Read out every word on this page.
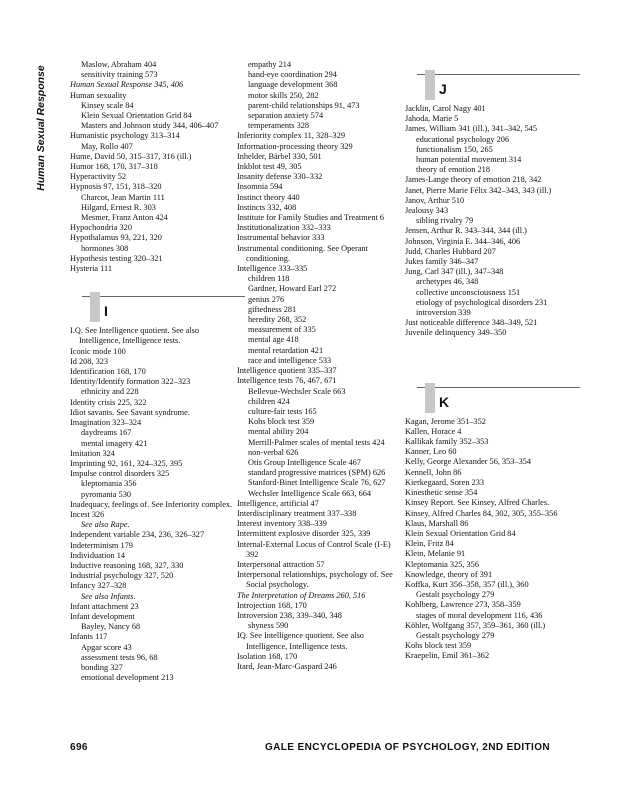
Human Sexual Response

Maslow, Abraham 404

sensitivity training 573

Human Sexual Response 345, 406

Human sexuality

Kinsey scale 84

Klein Sexual Orientation Grid 84

Masters and Johnson study 344, 406–407

Humanistic psychology 313–314

May, Rollo 407

Hume, David 50, 315–317, 316 (ill.)

Humor 168, 170, 317–318

Hyperactivity 52

Hypnosis 97, 151, 318–320

Charcot, Jean Martin 111

Hilgard, Ernest R. 303

Mesmer, Franz Anton 424

Hypochondria 320

Hypothalamus 93, 221, 320

hormones 308

Hypothesis testing 320–321

Hysteria 111

I

I.Q. See Intelligence quotient. See also Intelligence, Intelligence tests.

Iconic mode 100

Id 208, 323

Identification 168, 170

Identity/Identify formation 322–323

ethnicity and 228

Identity crisis 225, 322

Idiot savants. See Savant syndrome.

Imagination 323–324

daydreams 167

mental imagery 421

Imitation 324

Imprinting 92, 161, 324–325, 395

Impulse control disorders 325

kleptomania 356

pyromania 530

Inadequacy, feelings of. See Inferiority complex.

Incest 326

See also Rape.

Independent variable 234, 236, 326–327

Indeterminism 179

Individuation 14

Inductive reasoning 168, 327, 330

Industrial psychology 327, 520

Infancy 327–328

See also Infants.

Infant attachment 23

Infant development

Bayley, Nancy 68

Infants 117

Apgar score 43

assessment tests 96, 68

bonding 327

emotional development 213

empathy 214

hand-eye coordination 294

language development 368

motor skills 250, 282

parent-child relationships 91, 473

separation anxiety 574

temperaments 328

Inferiority complex 11, 328–329

Information-processing theory 329

Inhelder, Bärbel 330, 501

Inkblot test 49, 305

Insanity defense 330–332

Insomnia 594

Instinct theory 440

Instincts 332, 408

Institute for Family Studies and Treatment 6

Institutionalization 332–333

Instrumental behavior 333

Instrumental conditioning. See Operant conditioning.

Intelligence 333–335

children 118

Gardner, Howard Earl 272

genius 276

giftedness 281

heredity 268, 352

measurement of 335

mental age 418

mental retardation 421

race and intelligence 533

Intelligence quotient 335–337

Intelligence tests 76, 467, 671

Bellevue-Wechsler Scale 663

children 424

culture-fair tests 165

Kohs block test 359

mental ability 204

Merrill-Palmer scales of mental tests 424

non-verbal 626

Otis Group Intelligence Scale 467

standard progressive matrices (SPM) 626

Stanford-Binet Intelligence Scale 76, 627

Wechsler Intelligence Scale 663, 664

Intelligence, artificial 47

Interdisciplinary treatment 337–338

Interest inventory 338–339

Intermittent explosive disorder 325, 339

Internal-External Locus of Control Scale (I-E) 392

Interpersonal attraction 57

Interpersonal relationships, psychology of. See Social psychology.

The Interpretation of Dreams 260, 516

Introjection 168, 170

Introversion 238, 339–340, 348

shyness 590

IQ. See Intelligence quotient. See also Intelligence, Intelligence tests.

Isolation 168, 170

Itard, Jean-Marc-Gaspard 246

J

Jacklin, Carol Nagy 401

Jahoda, Marie 5

James, William 341 (ill.), 341–342, 545

educational psychology 206

functionalism 150, 265

human potential movement 314

theory of emotion 218

James-Lange theory of emotion 218, 342

Janet, Pierre Marie Félix 342–343, 343 (ill.)

Janov, Arthur 510

Jealousy 343

sibling rivalry 79

Jensen, Arthur R. 343–344, 344 (ill.)

Johnson, Virginia E. 344–346, 406

Judd, Charles Hubbard 207

Jukes family 346–347

Jung, Carl 347 (ill.), 347–348

archetypes 46, 348

collective unconsciousness 151

etiology of psychological disorders 231

introversion 339

Just noticeable difference 348–349, 521

Juvenile delinquency 349–350

K

Kagan, Jerome 351–352

Kallen, Horace 4

Kallikak family 352–353

Kanner, Leo 60

Kelly, George Alexander 56, 353–354

Kennell, John 86

Kierkegaard, Soren 233

Kinesthetic sense 354

Kinsey Report. See Kinsey, Alfred Charles.

Kinsey, Alfred Charles 84, 302, 305, 355–356

Klaus, Marshall 86

Klein Sexual Orientation Grid 84

Klein, Fritz 84

Klein, Melanie 91

Kleptomania 325, 356

Knowledge, theory of 391

Koffka, Kurt 356–358, 357 (ill.), 360

Gestalt psychology 279

Kohlberg, Lawrence 273, 358–359

stages of moral development 116, 436

Köhler, Wolfgang 357, 359–361, 360 (ill.)

Gestalt psychology 279

Kohs block test 359

Kraepelin, Emil 361–362

696	GALE ENCYCLOPEDIA OF PSYCHOLOGY, 2ND EDITION
